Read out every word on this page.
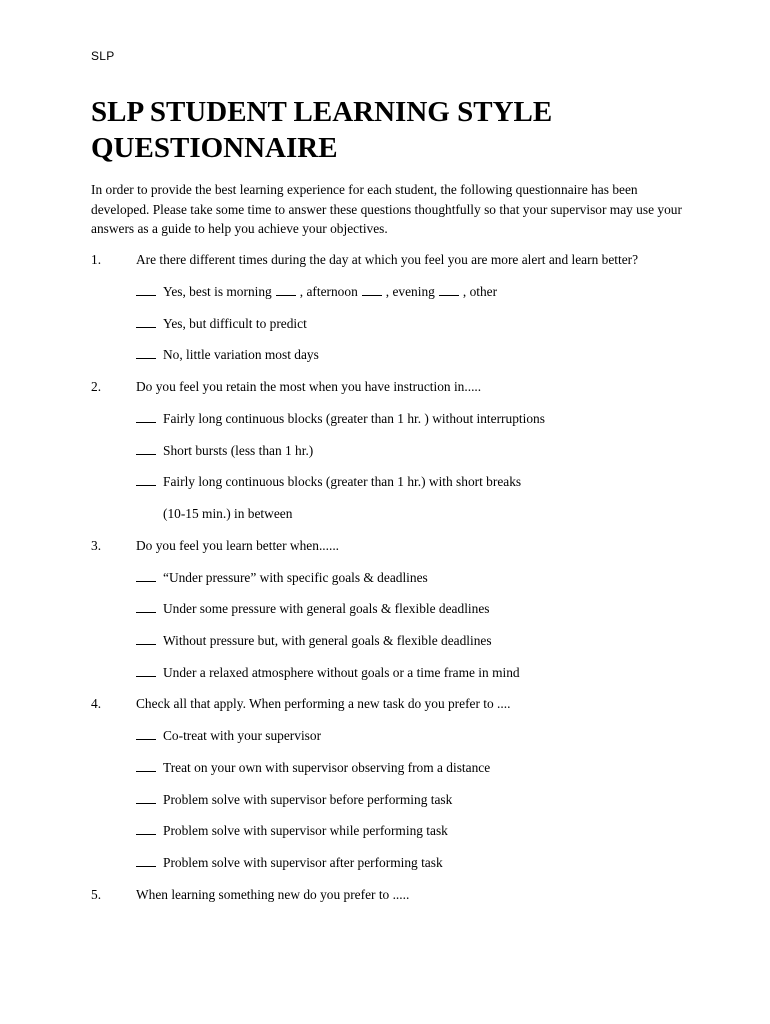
SLP
SLP STUDENT LEARNING STYLE
QUESTIONNAIRE

In order to provide the best learning experience for each student, the following questionnaire has been developed. Please take some time to answer these questions thoughtfully so that your supervisor may use your answers as a guide to help you achieve your objectives.

1.	Are there different times during the day at which you feel you are more alert and learn better?
Yes, best is morning , afternoon , evening , other
Yes, but difficult to predict
No, little variation most days
2.	Do you feel you retain the most when you have instruction in.....
Fairly long continuous blocks (greater than 1 hr. ) without interruptions
Short bursts (less than 1 hr.)
Fairly long continuous blocks (greater than 1 hr.) with short breaks
(10-15 min.) in between
3.	Do you feel you learn better when......
“Under pressure” with specific goals & deadlines
Under some pressure with general goals & flexible deadlines
Without pressure but, with general goals & flexible deadlines
Under a relaxed atmosphere without goals or a time frame in mind
4.	Check all that apply. When performing a new task do you prefer to ....
Co-treat with your supervisor
Treat on your own with supervisor observing from a distance
Problem solve with supervisor before performing task
Problem solve with supervisor while performing task
Problem solve with supervisor after performing task
5.	When learning something new do you prefer to .....
